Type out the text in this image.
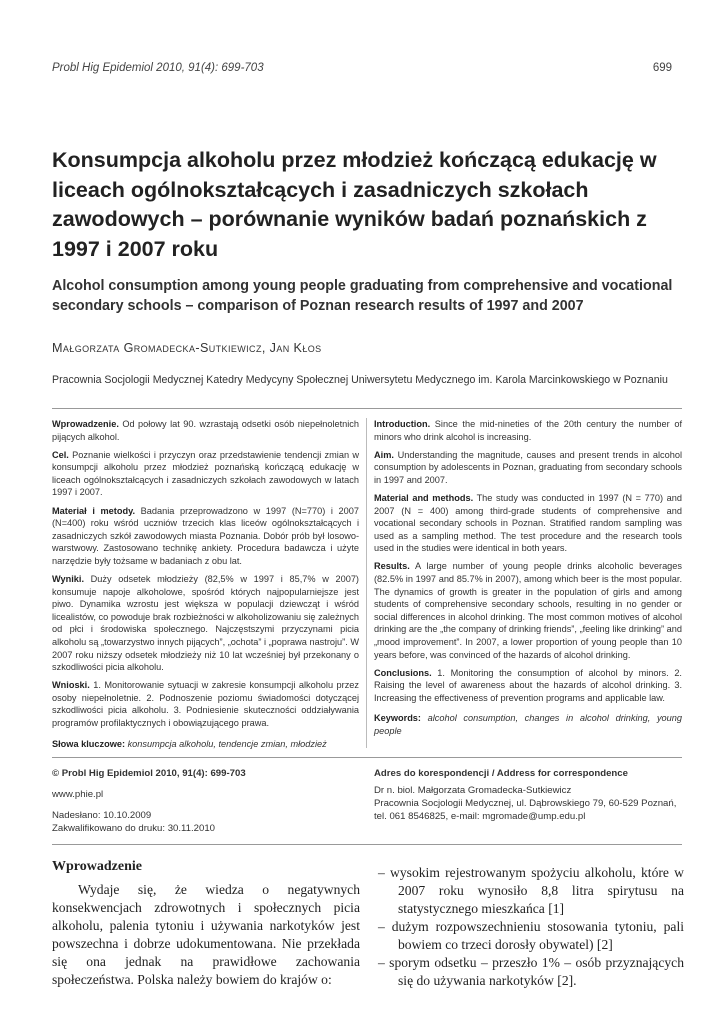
Probl Hig Epidemiol 2010, 91(4): 699-703	699
Konsumpcja alkoholu przez młodzież kończącą edukację w liceach ogólnokształcących i zasadniczych szkołach zawodowych – porównanie wyników badań poznańskich z 1997 i 2007 roku
Alcohol consumption among young people graduating from comprehensive and vocational secondary schools – comparison of Poznan research results of 1997 and 2007
Małgorzata Gromadecka-Sutkiewicz, Jan Kłos
Pracownia Socjologii Medycznej Katedry Medycyny Społecznej Uniwersytetu Medycznego im. Karola Marcinkowskiego w Poznaniu

Wprowadzenie. Od połowy lat 90. wzrastają odsetki osób niepełnoletnich pijących alkohol.

Cel. Poznanie wielkości i przyczyn oraz przedstawienie tendencji zmian w konsumpcji alkoholu przez młodzież poznańską kończącą edukację w liceach ogólnokształcących i zasadniczych szkołach zawodowych w latach 1997 i 2007.

Materiał i metody. Badania przeprowadzono w 1997 (N=770) i 2007 (N=400) roku wśród uczniów trzecich klas liceów ogólnokształcących i zasadniczych szkół zawodowych miasta Poznania. Dobór prób był losowo-warstwowy. Zastosowano technikę ankiety. Procedura badawcza i użyte narzędzie były tożsame w badaniach z obu lat.

Wyniki. Duży odsetek młodzieży (82,5% w 1997 i 85,7% w 2007) konsumuje napoje alkoholowe, spośród których najpopularniejsze jest piwo. Dynamika wzrostu jest większa w populacji dziewcząt i wśród licealistów, co powoduje brak rozbieżności w alkoholizowaniu się zależnych od płci i środowiska społecznego. Najczęstszymi przyczynami picia alkoholu są „towarzystwo innych pijących”, „ochota” i „poprawa nastroju”. W 2007 roku niższy odsetek młodzieży niż 10 lat wcześniej był przekonany o szkodliwości picia alkoholu.

Wnioski. 1. Monitorowanie sytuacji w zakresie konsumpcji alkoholu przez osoby niepełnoletnie. 2. Podnoszenie poziomu świadomości dotyczącej szkodliwości picia alkoholu. 3. Podniesienie skuteczności oddziaływania programów profilaktycznych i obowiązującego prawa.

Słowa kluczowe: konsumpcja alkoholu, tendencje zmian, młodzież

Introduction. Since the mid-nineties of the 20th century the number of minors who drink alcohol is increasing.

Aim. Understanding the magnitude, causes and present trends in alcohol consumption by adolescents in Poznan, graduating from secondary schools in 1997 and 2007.

Material and methods. The study was conducted in 1997 (N = 770) and 2007 (N = 400) among third-grade students of comprehensive and vocational secondary schools in Poznan. Stratified random sampling was used as a sampling method. The test procedure and the research tools used in the studies were identical in both years.

Results. A large number of young people drinks alcoholic beverages (82.5% in 1997 and 85.7% in 2007), among which beer is the most popular. The dynamics of growth is greater in the population of girls and among students of comprehensive secondary schools, resulting in no gender or social differences in alcohol drinking. The most common motives of alcohol drinking are the „the company of drinking friends”, „feeling like drinking” and „mood improvement”. In 2007, a lower proportion of young people than 10 years before, was convinced of the hazards of alcohol drinking.

Conclusions. 1. Monitoring the consumption of alcohol by minors. 2. Raising the level of awareness about the hazards of alcohol drinking. 3. Increasing the effectiveness of prevention programs and applicable law.

Keywords: alcohol consumption, changes in alcohol drinking, young people

© Probl Hig Epidemiol 2010, 91(4): 699-703

www.phie.pl

Nadesłano: 10.10.2009

Zakwalifikowano do druku: 30.11.2010

Adres do korespondencji / Address for correspondence

Dr n. biol. Małgorzata Gromadecka-Sutkiewicz

Pracownia Socjologii Medycznej, ul. Dąbrowskiego 79, 60-529 Poznań,

tel. 061 8546825, e-mail: mgromade@ump.edu.pl

Wprowadzenie

Wydaje się, że wiedza o negatywnych konsekwencjach zdrowotnych i społecznych picia alkoholu, palenia tytoniu i używania narkotyków jest powszechna i dobrze udokumentowana. Nie przekłada się ona jednak na prawidłowe zachowania społeczeństwa. Polska należy bowiem do krajów o:

– wysokim rejestrowanym spożyciu alkoholu, które w 2007 roku wynosiło 8,8 litra spirytusu na statystycznego mieszkańca [1]
– dużym rozpowszechnieniu stosowania tytoniu, pali bowiem co trzeci dorosły obywatel) [2]
– sporym odsetku – przeszło 1% – osób przyznających się do używania narkotyków [2].
